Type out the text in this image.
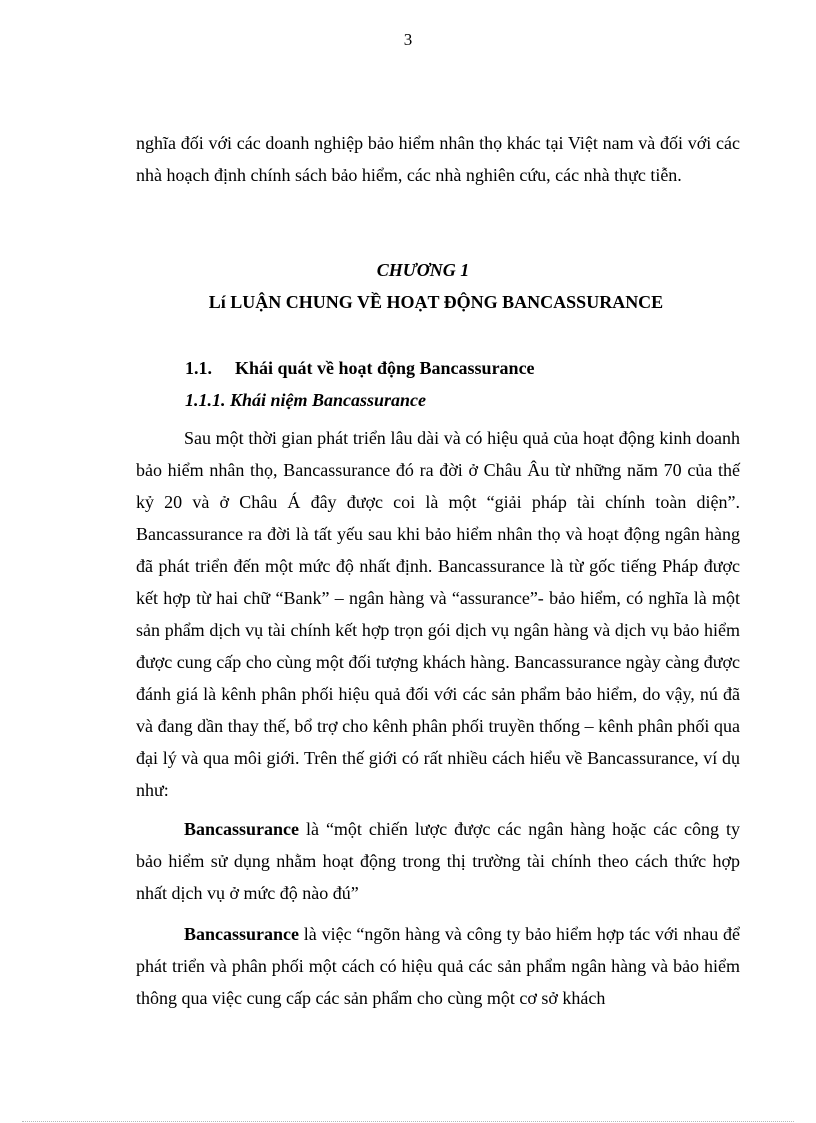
3

nghĩa đối với các doanh nghiệp bảo hiểm nhân thọ khác tại Việt nam và đối với các nhà hoạch định chính sách bảo hiểm, các nhà nghiên cứu, các nhà thực tiễn.

CHƯƠNG 1
Lí LUẬN CHUNG VỀ HOẠT ĐỘNG BANCASSURANCE
1.1. Khái quát về hoạt động Bancassurance
1.1.1. Khái niệm Bancassurance

Sau một thời gian phát triển lâu dài và có hiệu quả của hoạt động kinh doanh bảo hiểm nhân thọ, Bancassurance đó ra đời ở Châu Âu từ những năm 70 của thế kỷ 20 và ở Châu Á đây được coi là một “giải pháp tài chính toàn diện”. Bancassurance ra đời là tất yếu sau khi bảo hiểm nhân thọ và hoạt động ngân hàng đã phát triển đến một mức độ nhất định. Bancassurance là từ gốc tiếng Pháp được kết hợp từ hai chữ “Bank” – ngân hàng và “assurance”- bảo hiểm, có nghĩa là một sản phẩm dịch vụ tài chính kết hợp trọn gói dịch vụ ngân hàng và dịch vụ bảo hiểm được cung cấp cho cùng một đối tượng khách hàng. Bancassurance ngày càng được đánh giá là kênh phân phối hiệu quả đối với các sản phẩm bảo hiểm, do vậy, nú đã và đang dần thay thế, bổ trợ cho kênh phân phối truyền thống – kênh phân phối qua đại lý và qua môi giới. Trên thế giới có rất nhiều cách hiểu về Bancassurance, ví dụ như:

Bancassurance là “một chiến lược được các ngân hàng hoặc các công ty bảo hiểm sử dụng nhằm hoạt động trong thị trường tài chính theo cách thức hợp nhất dịch vụ ở mức độ nào đú”

Bancassurance là việc “ngõn hàng và công ty bảo hiểm hợp tác với nhau để phát triển và phân phối một cách có hiệu quả các sản phẩm ngân hàng và bảo hiểm thông qua việc cung cấp các sản phẩm cho cùng một cơ sở khách
